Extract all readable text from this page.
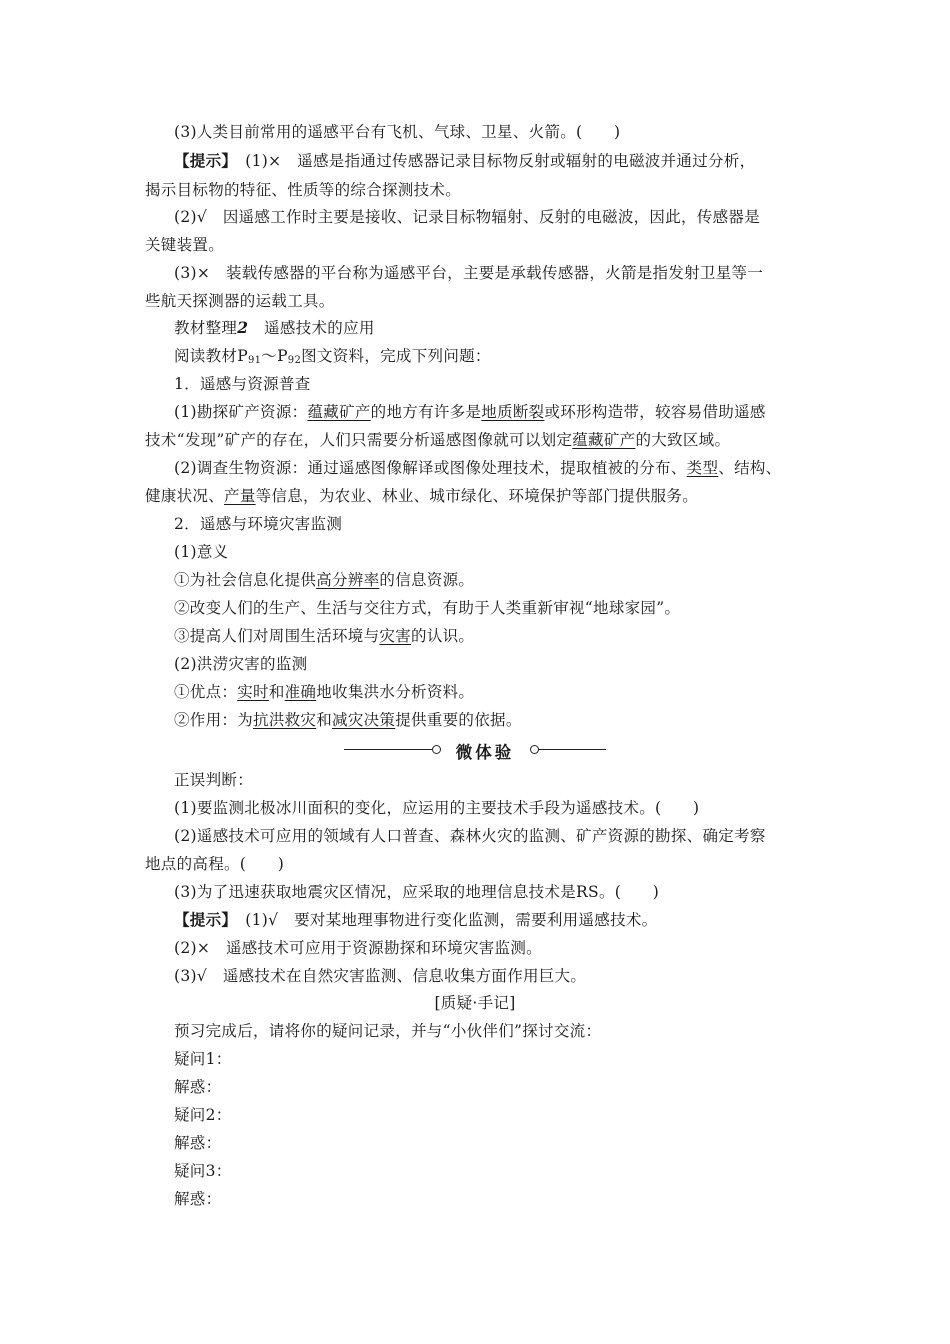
(3)人类目前常用的遥感平台有飞机、气球、卫星、火箭。(　　)
【提示】　(1)×　遥感是指通过传感器记录目标物反射或辐射的电磁波并通过分析，
揭示目标物的特征、性质等的综合探测技术。
(2)√　因遥感工作时主要是接收、记录目标物辐射、反射的电磁波，因此，传感器是
关键装置。
(3)×　装载传感器的平台称为遥感平台，主要是承载传感器，火箭是指发射卫星等一
些航天探测器的运载工具。
教材整理2　 遥感技术的应用
阅读教材$P_{91}\sim P_{92}$图文资料，完成下列问题：
1．遥感与资源普查
(1)勘探矿产资源：蕴藏矿产的地方有许多是地质断裂或环形构造带，较容易借助遥感
技术“发现”矿产的存在，人们只需要分析遥感图像就可以划定蕴藏矿产的大致区域。
(2)调查生物资源：通过遥感图像解译或图像处理技术，提取植被的分布、类型、结构、
健康状况、产量等信息，为农业、林业、城市绿化、环境保护等部门提供服务。
2．遥感与环境灾害监测
(1)意义
①为社会信息化提供高分辨率的信息资源。
②改变人们的生产、生活与交往方式，有助于人类重新审视“地球家园”。
③提高人们对周围生活环境与灾害的认识。
(2)洪涝灾害的监测
①优点：实时和准确地收集洪水分析资料。
②作用：为抗洪救灾和减灾决策提供重要的依据。
微体验
正误判断：
(1)要监测北极冰川面积的变化，应运用的主要技术手段为遥感技术。(　　)
(2)遥感技术可应用的领域有人口普查、森林火灾的监测、矿产资源的勘探、确定考察
地点的高程。(　　)
(3)为了迅速获取地震灾区情况，应采取的地理信息技术是RS。(　　)
【提示】　(1)√　要对某地理事物进行变化监测，需要利用遥感技术。
(2)×　遥感技术可应用于资源勘探和环境灾害监测。
(3)√　遥感技术在自然灾害监测、信息收集方面作用巨大。
[质疑·手记]
预习完成后，请将你的疑问记录，并与“小伙伴们”探讨交流：
疑问1：
解惑：
疑问2：
解惑：
疑问3：
解惑：
